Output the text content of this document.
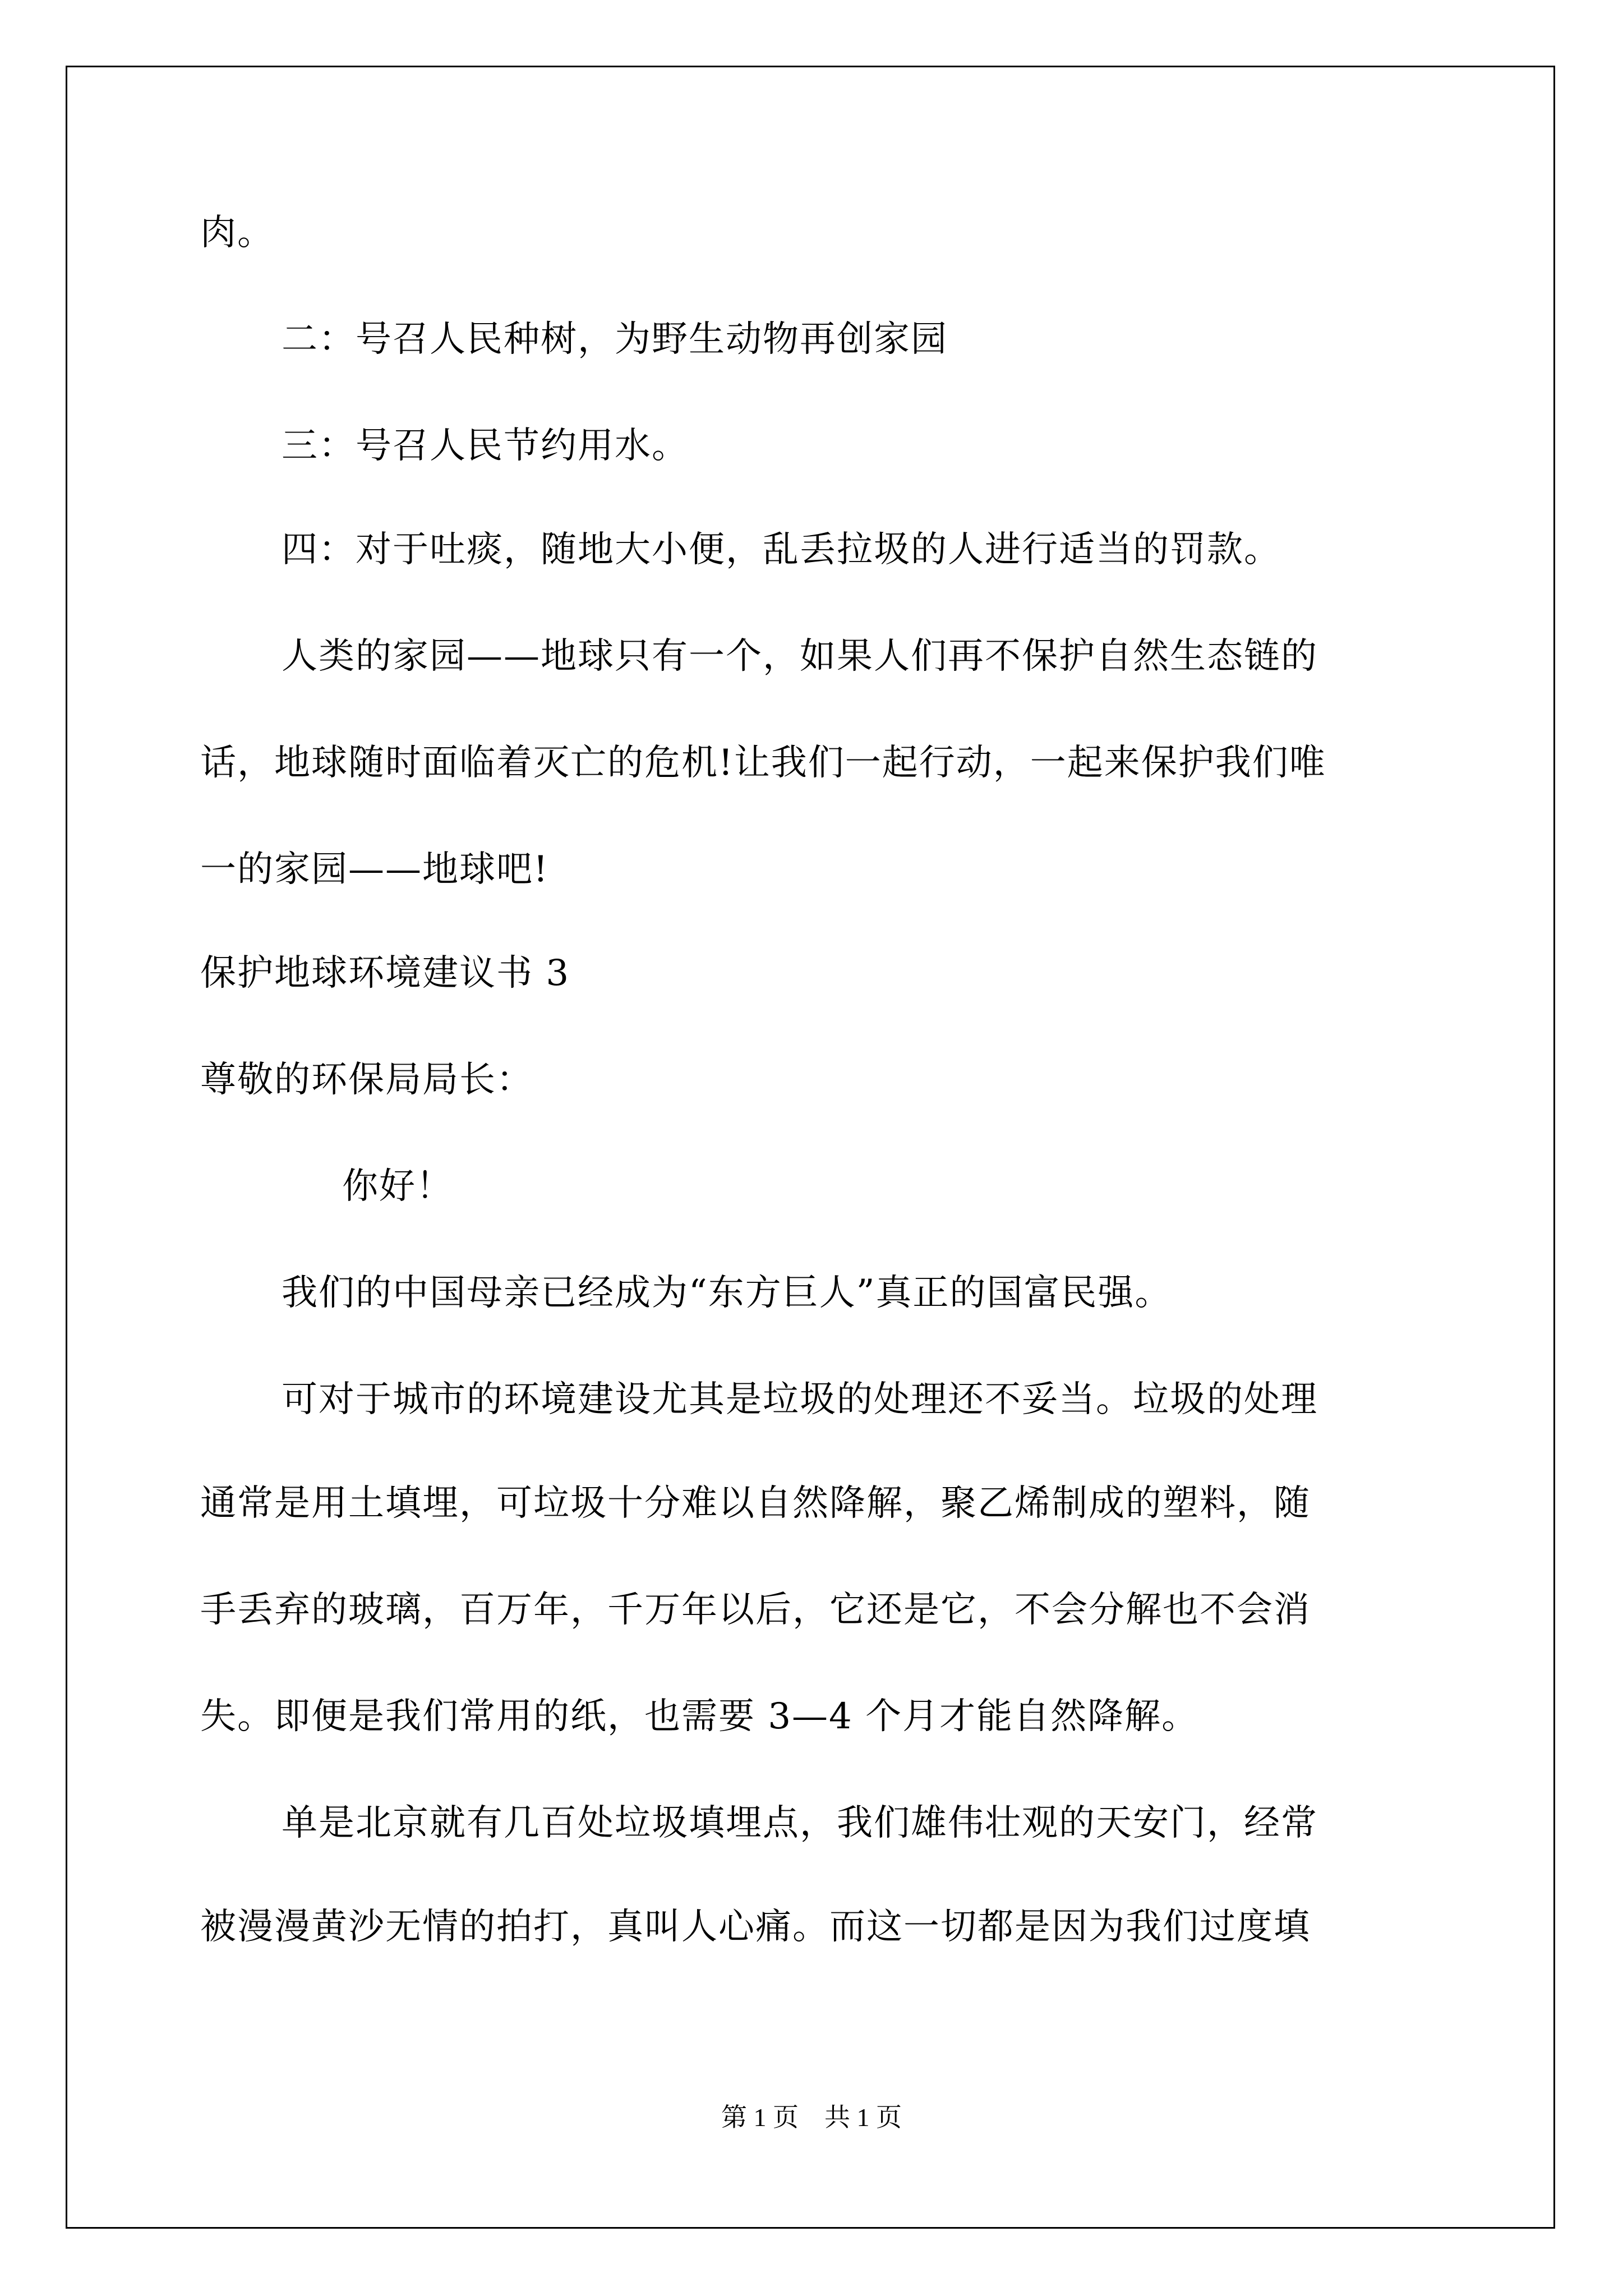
肉。
二：号召人民种树，为野生动物再创家园
三：号召人民节约用水。
四：对于吐痰，随地大小便，乱丢拉圾的人进行适当的罚款。
人类的家园——地球只有一个，如果人们再不保护自然生态链的
话，地球随时面临着灭亡的危机!让我们一起行动，一起来保护我们唯
一的家园——地球吧!
保护地球环境建议书 3
尊敬的环保局局长：
你好！
我们的中国母亲已经成为“东方巨人”真正的国富民强。
可对于城市的环境建设尤其是垃圾的处理还不妥当。垃圾的处理
通常是用土填埋，可垃圾十分难以自然降解，聚乙烯制成的塑料，随
手丢弃的玻璃，百万年，千万年以后，它还是它，不会分解也不会消
失。即便是我们常用的纸，也需要 3—4 个月才能自然降解。
单是北京就有几百处垃圾填埋点，我们雄伟壮观的天安门，经常
被漫漫黄沙无情的拍打，真叫人心痛。而这一切都是因为我们过度填
第 1 页　共 1 页
